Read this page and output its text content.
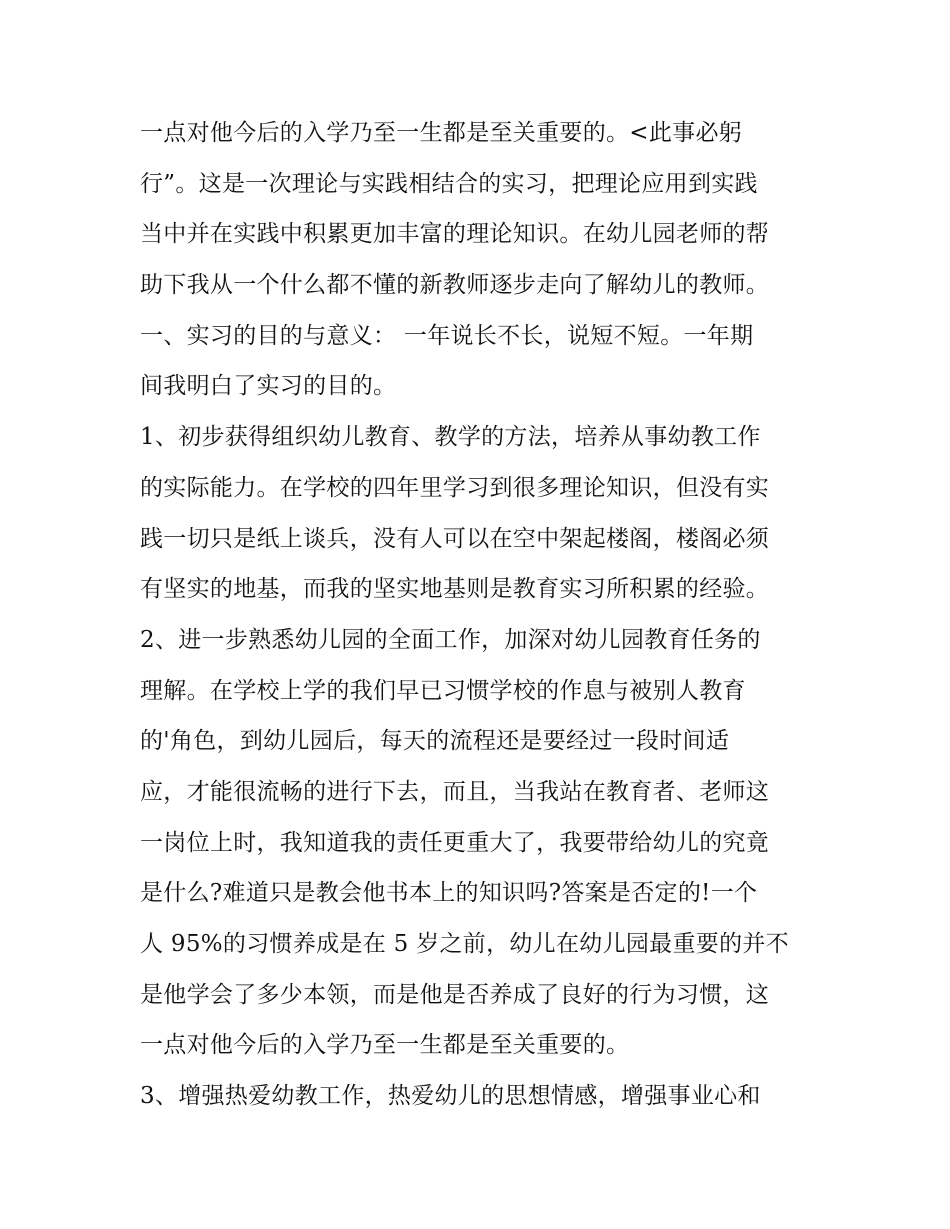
一点对他今后的入学乃至一生都是至关重要的。<此事必躬
行”。这是一次理论与实践相结合的实习，把理论应用到实践
当中并在实践中积累更加丰富的理论知识。在幼儿园老师的帮
助下我从一个什么都不懂的新教师逐步走向了解幼儿的教师。
一、实习的目的与意义： 一年说长不长，说短不短。一年期
间我明白了实习的目的。
1、初步获得组织幼儿教育、教学的方法，培养从事幼教工作
的实际能力。在学校的四年里学习到很多理论知识，但没有实
践一切只是纸上谈兵，没有人可以在空中架起楼阁，楼阁必须
有坚实的地基，而我的坚实地基则是教育实习所积累的经验。
2、进一步熟悉幼儿园的全面工作，加深对幼儿园教育任务的
理解。在学校上学的我们早已习惯学校的作息与被别人教育
的'角色，到幼儿园后，每天的流程还是要经过一段时间适
应，才能很流畅的进行下去，而且，当我站在教育者、老师这
一岗位上时，我知道我的责任更重大了，我要带给幼儿的究竟
是什么?难道只是教会他书本上的知识吗?答案是否定的!一个
人 95%的习惯养成是在 5 岁之前，幼儿在幼儿园最重要的并不
是他学会了多少本领，而是他是否养成了良好的行为习惯，这
一点对他今后的入学乃至一生都是至关重要的。
3、增强热爱幼教工作，热爱幼儿的思想情感，增强事业心和
